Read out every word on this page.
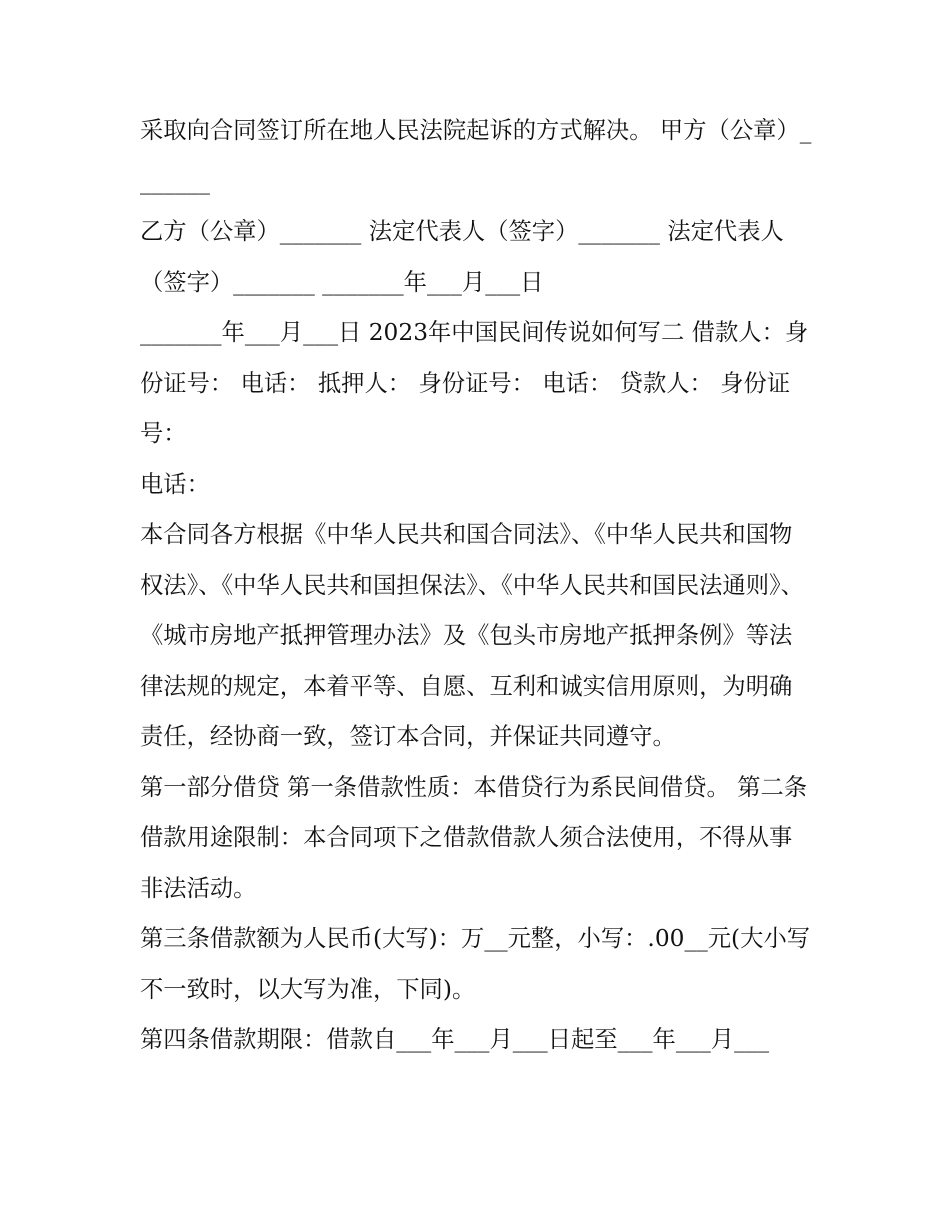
采取向合同签订所在地人民法院起诉的方式解决。 甲方（公章）_______

乙方（公章）_______ 法定代表人（签字）_______ 法定代表人（签字）_______ _______年___月___日

_______年___月___日 2023年中国民间传说如何写二 借款人：身份证号： 电话： 抵押人： 身份证号： 电话： 贷款人： 身份证号：

电话：

本合同各方根据《中华人民共和国合同法》、《中华人民共和国物权法》、《中华人民共和国担保法》、《中华人民共和国民法通则》、《城市房地产抵押管理办法》及《包头市房地产抵押条例》等法律法规的规定，本着平等、自愿、互利和诚实信用原则，为明确责任，经协商一致，签订本合同，并保证共同遵守。

第一部分借贷 第一条借款性质：本借贷行为系民间借贷。 第二条借款用途限制：本合同项下之借款借款人须合法使用，不得从事非法活动。

第三条借款额为人民币(大写)：万__元整，小写：.00__元(大小写不一致时，以大写为准，下同)。

第四条借款期限：借款自___年___月___日起至___年___月___
